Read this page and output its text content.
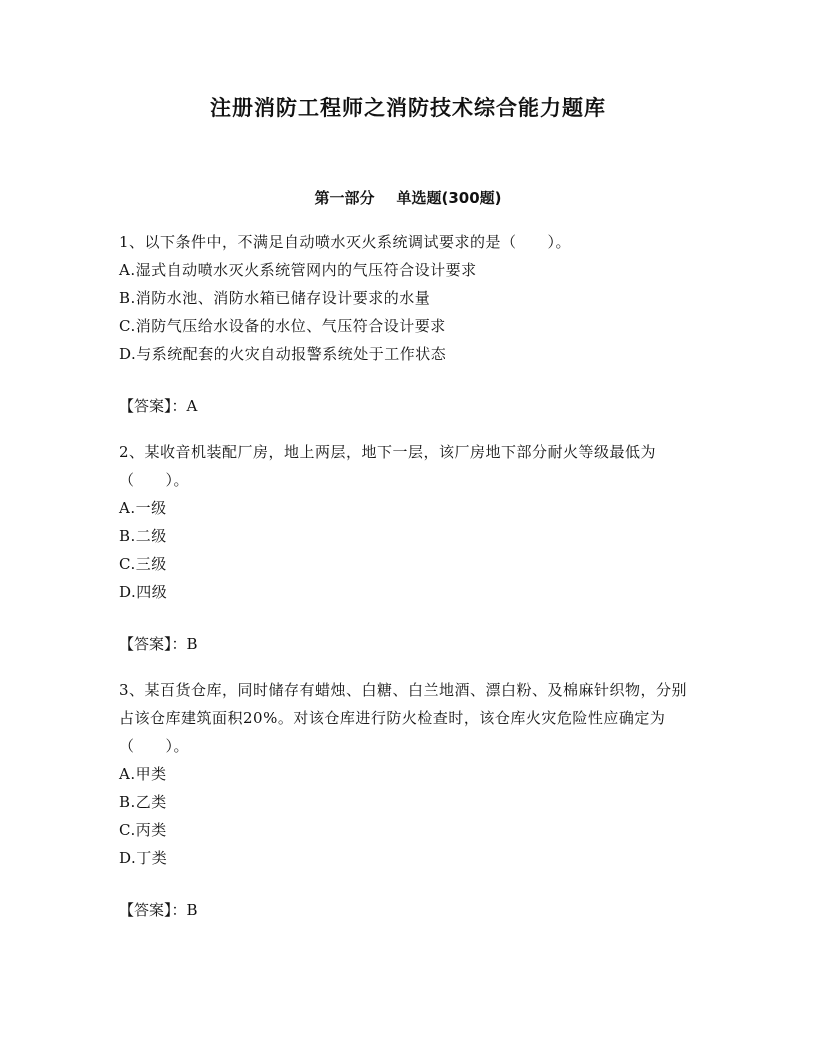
注册消防工程师之消防技术综合能力题库
第一部分 单选题(300题)

1、以下条件中，不满足自动喷水灭火系统调试要求的是（　　）。

A.湿式自动喷水灭火系统管网内的气压符合设计要求

B.消防水池、消防水箱已储存设计要求的水量

C.消防气压给水设备的水位、气压符合设计要求

D.与系统配套的火灾自动报警系统处于工作状态

【答案】：A

2、某收音机装配厂房，地上两层，地下一层，该厂房地下部分耐火等级最低为（　　）。

A.一级

B.二级

C.三级

D.四级

【答案】：B

3、某百货仓库，同时储存有蜡烛、白糖、白兰地酒、漂白粉、及棉麻针织物，分别占该仓库建筑面积20%。对该仓库进行防火检查时，该仓库火灾危险性应确定为（　　）。

A.甲类

B.乙类

C.丙类

D.丁类

【答案】：B
